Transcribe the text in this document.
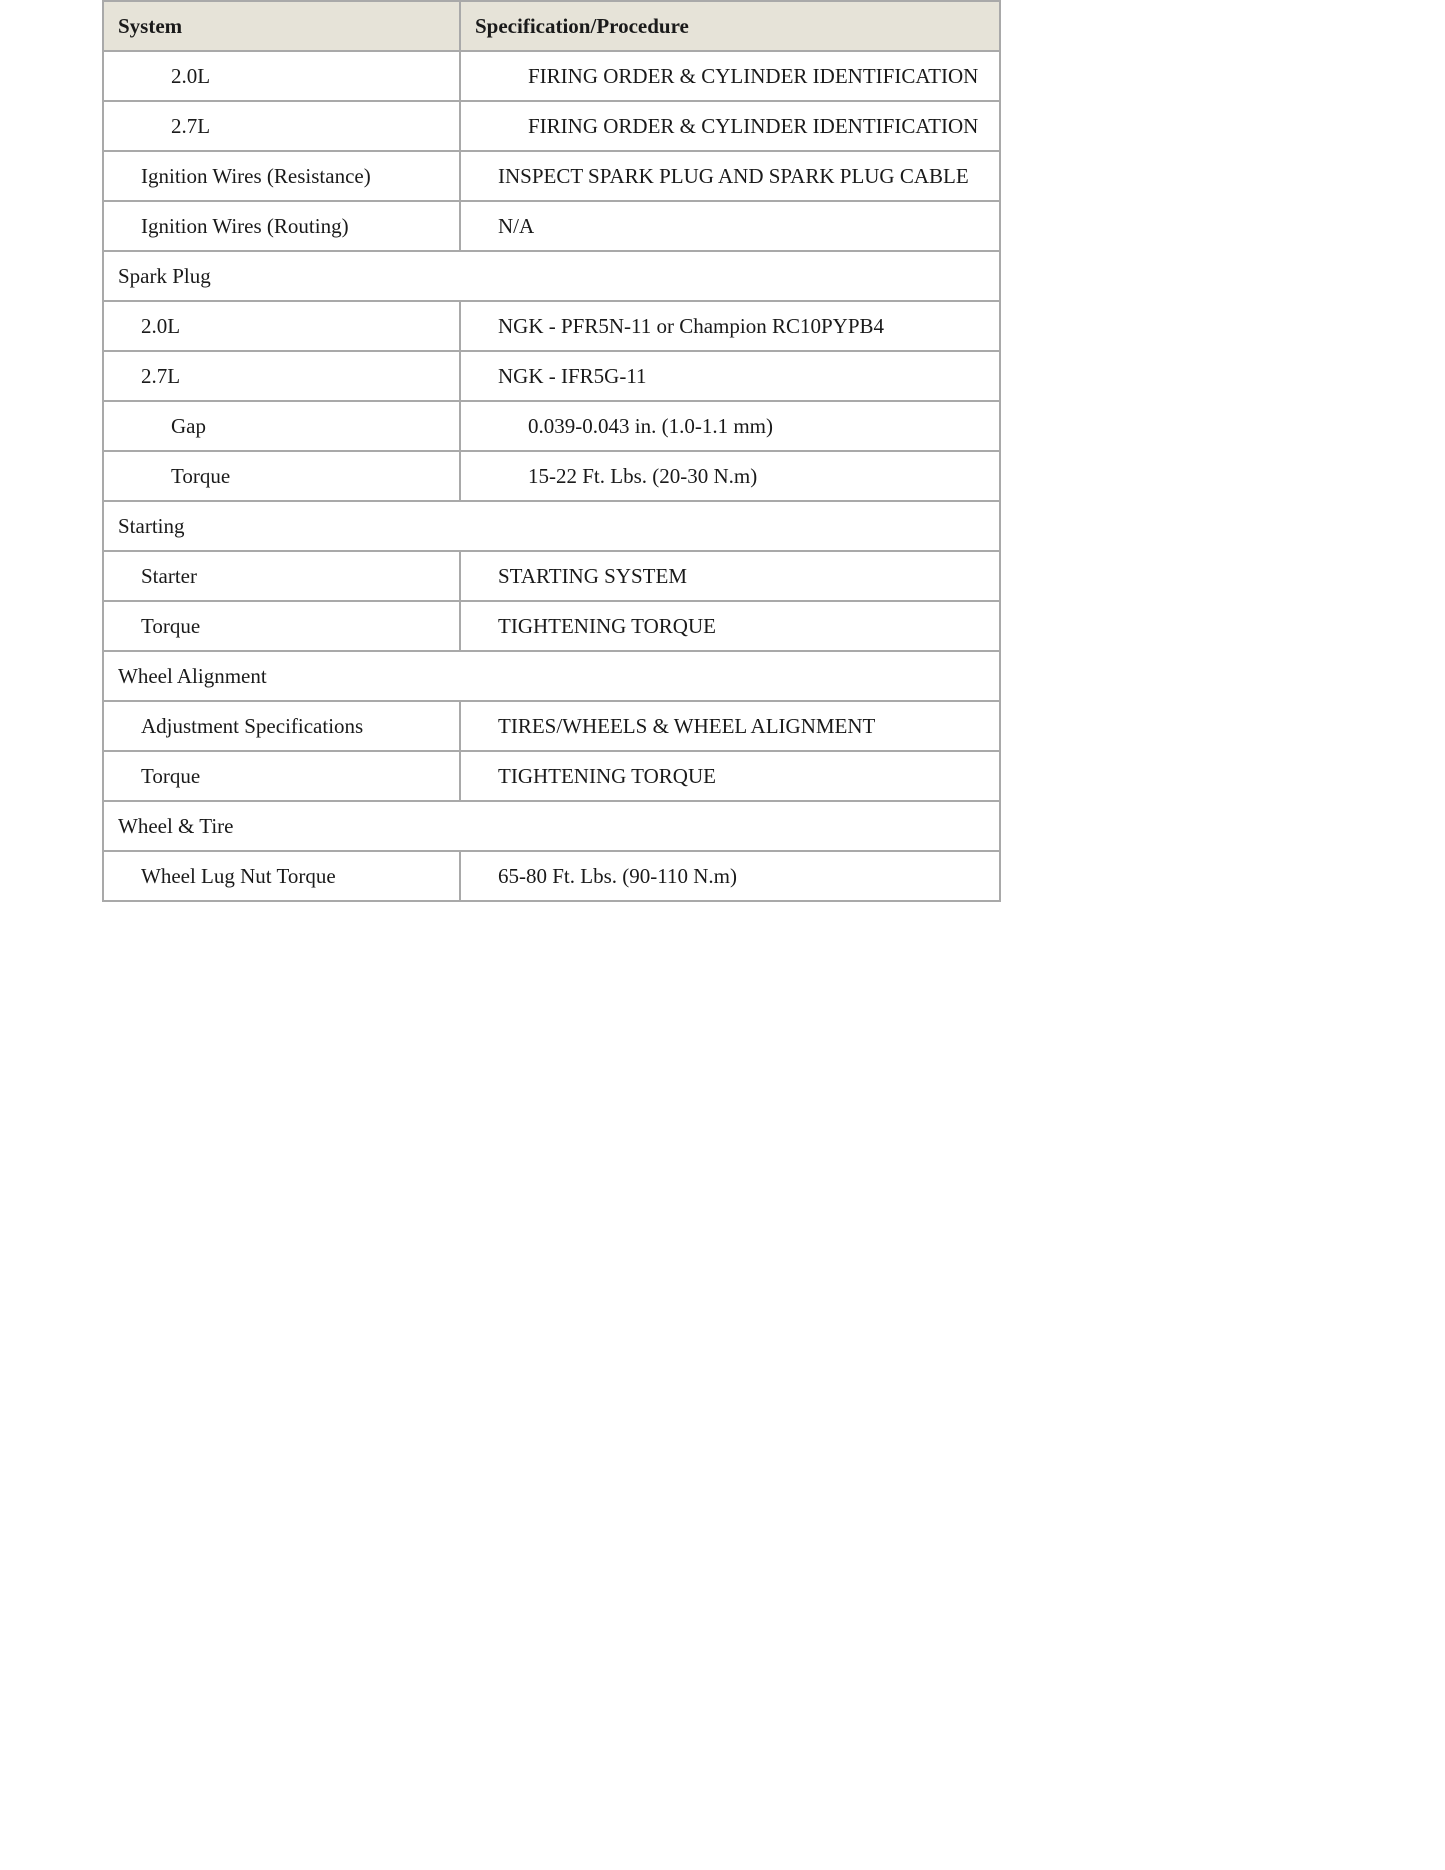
System	Specification/Procedure
2.0L	FIRING ORDER & CYLINDER IDENTIFICATION
2.7L	FIRING ORDER & CYLINDER IDENTIFICATION
Ignition Wires (Resistance)	INSPECT SPARK PLUG AND SPARK PLUG CABLE
Ignition Wires (Routing)	N/A
Spark Plug	
2.0L	NGK - PFR5N-11 or Champion RC10PYPB4
2.7L	NGK - IFR5G-11
Gap	0.039-0.043 in. (1.0-1.1 mm)
Torque	15-22 Ft. Lbs. (20-30 N.m)
Starting	
Starter	STARTING SYSTEM
Torque	TIGHTENING TORQUE
Wheel Alignment	
Adjustment Specifications	TIRES/WHEELS & WHEEL ALIGNMENT
Torque	TIGHTENING TORQUE
Wheel & Tire	
Wheel Lug Nut Torque	65-80 Ft. Lbs. (90-110 N.m)
